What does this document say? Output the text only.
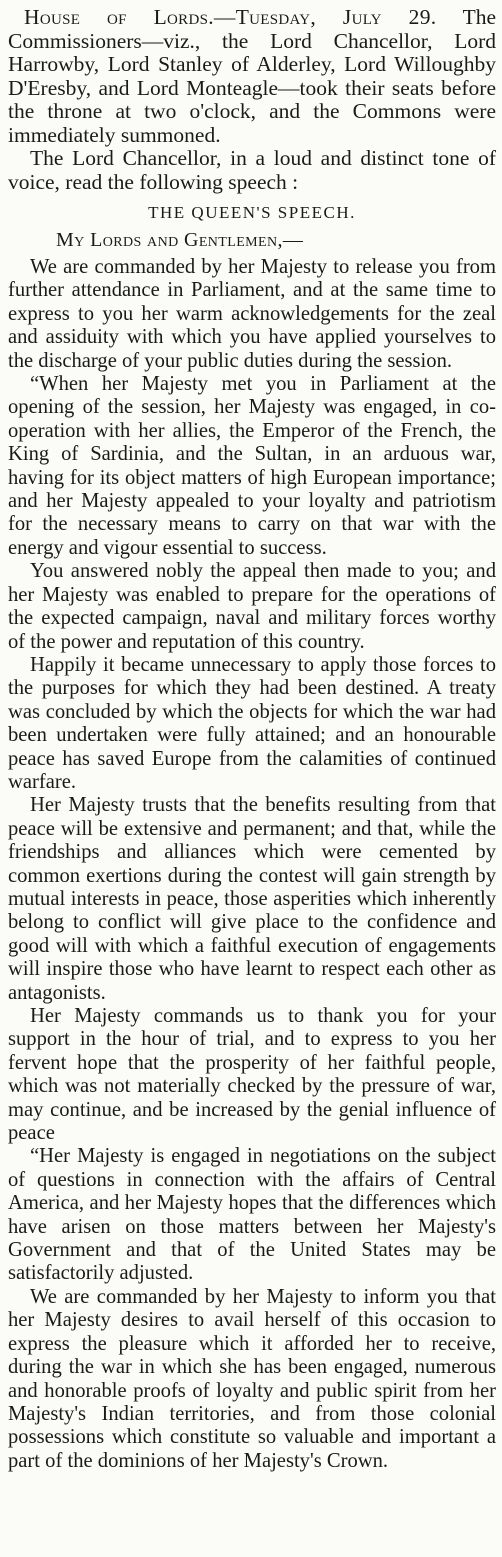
House of Lords.—Tuesday, July 29. The Commissioners—viz., the Lord Chancellor, Lord Harrowby, Lord Stanley of Alderley, Lord Willoughby D'Eresby, and Lord Monteagle—took their seats before the throne at two o'clock, and the Commons were immediately summoned.

The Lord Chancellor, in a loud and distinct tone of voice, read the following speech :

THE QUEEN'S SPEECH.
My Lords and Gentlemen,—

We are commanded by her Majesty to release you from further attendance in Parliament, and at the same time to express to you her warm acknowledgements for the zeal and assiduity with which you have applied yourselves to the discharge of your public duties during the session.

“When her Majesty met you in Parliament at the opening of the session, her Majesty was engaged, in co-operation with her allies, the Emperor of the French, the King of Sardinia, and the Sultan, in an arduous war, having for its object matters of high European importance; and her Majesty appealed to your loyalty and patriotism for the necessary means to carry on that war with the energy and vigour essential to success.

You answered nobly the appeal then made to you; and her Majesty was enabled to prepare for the operations of the expected campaign, naval and military forces worthy of the power and reputation of this country.

Happily it became unnecessary to apply those forces to the purposes for which they had been destined. A treaty was concluded by which the objects for which the war had been undertaken were fully attained; and an honourable peace has saved Europe from the calamities of continued warfare.

Her Majesty trusts that the benefits resulting from that peace will be extensive and permanent; and that, while the friendships and alliances which were cemented by common exertions during the contest will gain strength by mutual interests in peace, those asperities which inherently belong to conflict will give place to the confidence and good will with which a faithful execution of engagements will inspire those who have learnt to respect each other as antagonists.

Her Majesty commands us to thank you for your support in the hour of trial, and to express to you her fervent hope that the prosperity of her faithful people, which was not materially checked by the pressure of war, may continue, and be increased by the genial influence of peace

“Her Majesty is engaged in negotiations on the subject of questions in connection with the affairs of Central America, and her Majesty hopes that the differences which have arisen on those matters between her Majesty's Government and that of the United States may be satisfactorily adjusted.

We are commanded by her Majesty to inform you that her Majesty desires to avail herself of this occasion to express the pleasure which it afforded her to receive, during the war in which she has been engaged, numerous and honorable proofs of loyalty and public spirit from her Majesty's Indian territories, and from those colonial possessions which constitute so valuable and important a part of the dominions of her Majesty's Crown.
